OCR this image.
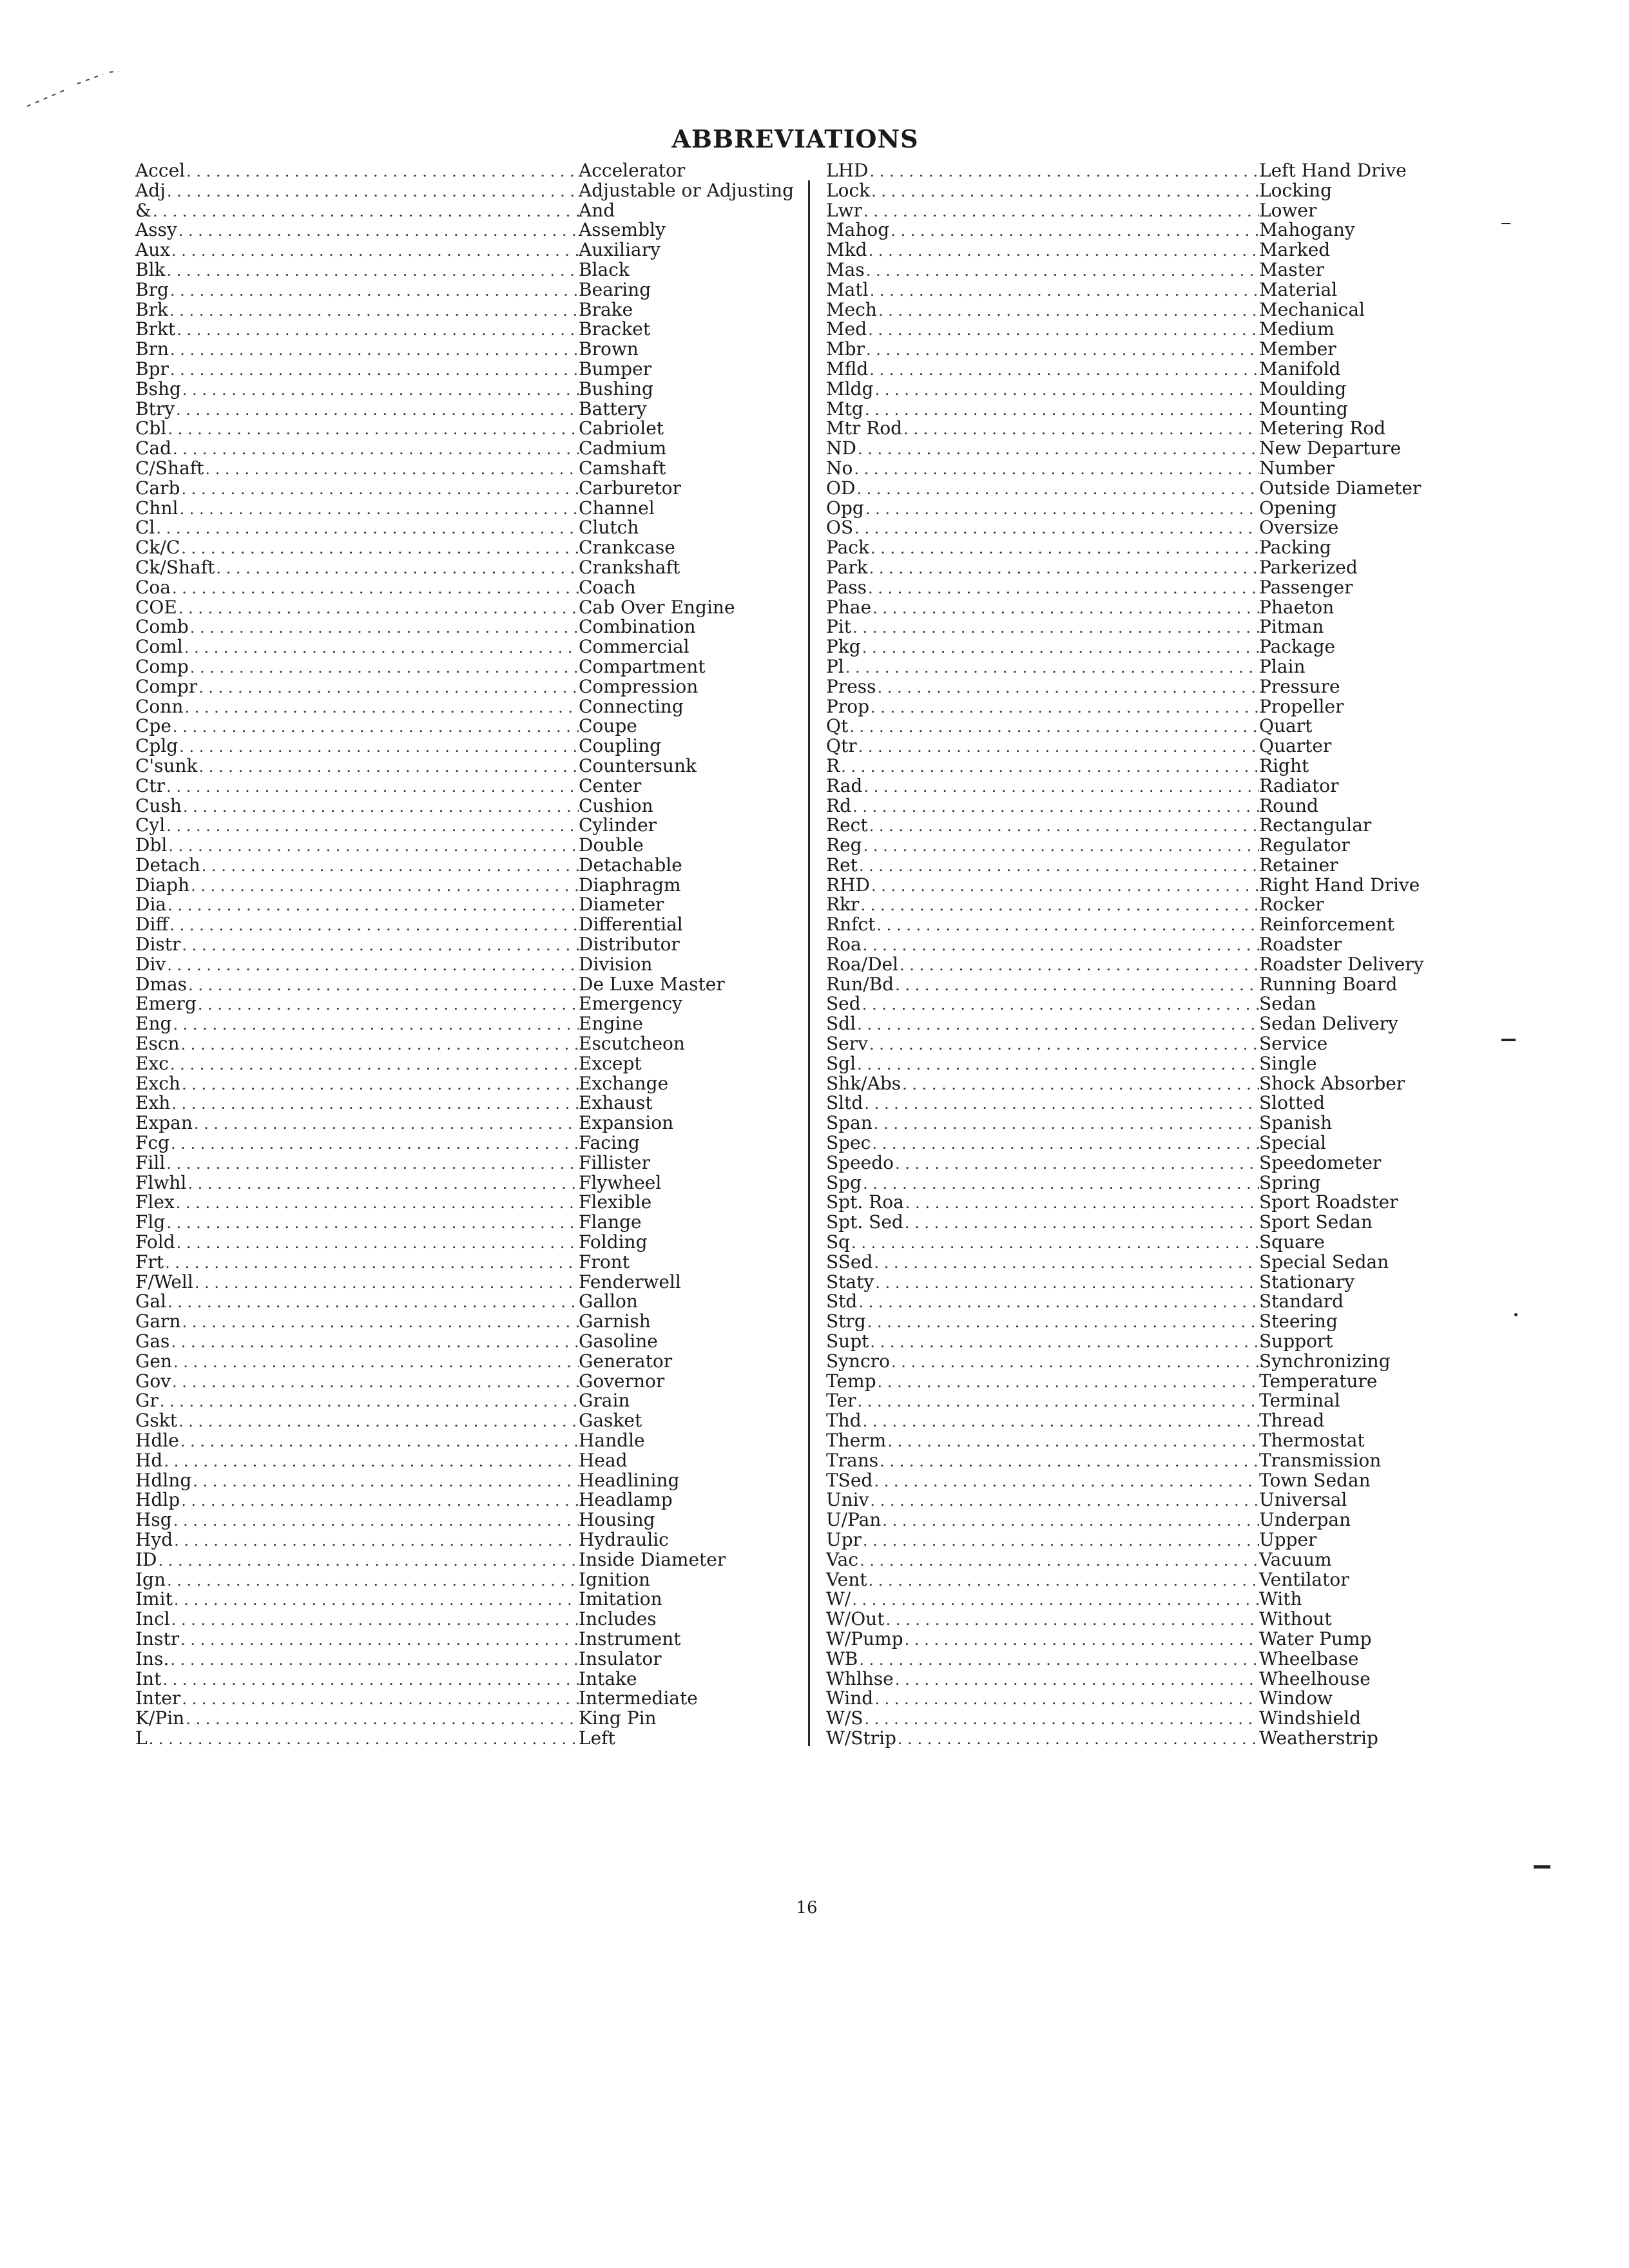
ABBREVIATIONS
Accel . . .	Accelerator
Adj . . .	Adjustable or Adjusting
& . . .	And
Assy . . .	Assembly
Aux . . .	Auxiliary
Blk . . .	Black
Brg . . .	Bearing
Brk . . .	Brake
Brkt . . .	Bracket
Brn . . .	Brown
Bpr . . .	Bumper
Bshg . . .	Bushing
Btry . . .	Battery
Cbl . . .	Cabriolet
Cad . . .	Cadmium
C/Shaft . . .	Camshaft
Carb . . .	Carburetor
Chnl . . .	Channel
Cl . . .	Clutch
Ck/C . . .	Crankcase
Ck/Shaft . . .	Crankshaft
Coa . . .	Coach
COE . . .	Cab Over Engine
Comb . . .	Combination
Coml . . .	Commercial
Comp . . .	Compartment
Compr . . .	Compression
Conn . . .	Connecting
Cpe . . .	Coupe
Cplg . . .	Coupling
C'sunk . . .	Countersunk
Ctr . . .	Center
Cush . . .	Cushion
Cyl . . .	Cylinder
Dbl . . .	Double
Detach . . .	Detachable
Diaph . . .	Diaphragm
Dia . . .	Diameter
Diff . . .	Differential
Distr . . .	Distributor
Div . . .	Division
Dmas . . .	De Luxe Master
Emerg . . .	Emergency
Eng . . .	Engine
Escn . . .	Escutcheon
Exc . . .	Except
Exch . . .	Exchange
Exh . . .	Exhaust
Expan . . .	Expansion
Fcg . . .	Facing
Fill . . .	Fillister
Flwhl . . .	Flywheel
Flex . . .	Flexible
Flg . . .	Flange
Fold . . .	Folding
Frt . . .	Front
F/Well . . .	Fenderwell
Gal . . .	Gallon
Garn . . .	Garnish
Gas . . .	Gasoline
Gen . . .	Generator
Gov . . .	Governor
Gr . . .	Grain
Gskt . . .	Gasket
Hdle . . .	Handle
Hd . . .	Head
Hdlng . . .	Headlining
Hdlp . . .	Headlamp
Hsg . . .	Housing
Hyd . . .	Hydraulic
ID . . .	Inside Diameter
Ign . . .	Ignition
Imit . . .	Imitation
Incl . . .	Includes
Instr . . .	Instrument
Ins. . . .	Insulator
Int . . .	Intake
Inter . . .	Intermediate
K/Pin . . .	King Pin
L . . .	Left
LHD . . .	Left Hand Drive
Lock . . .	Locking
Lwr . . .	Lower
Mahog . . .	Mahogany
Mkd . . .	Marked
Mas . . .	Master
Matl . . .	Material
Mech . . .	Mechanical
Med . . .	Medium
Mbr . . .	Member
Mfld . . .	Manifold
Mldg . . .	Moulding
Mtg . . .	Mounting
Mtr Rod . . .	Metering Rod
ND . . .	New Departure
No . . .	Number
OD . . .	Outside Diameter
Opg . . .	Opening
OS . . .	Oversize
Pack . . .	Packing
Park . . .	Parkerized
Pass . . .	Passenger
Phae . . .	Phaeton
Pit . . .	Pitman
Pkg . . .	Package
Pl . . .	Plain
Press . . .	Pressure
Prop . . .	Propeller
Qt . . .	Quart
Qtr . . .	Quarter
R . . .	Right
Rad . . .	Radiator
Rd . . .	Round
Rect . . .	Rectangular
Reg . . .	Regulator
Ret . . .	Retainer
RHD . . .	Right Hand Drive
Rkr . . .	Rocker
Rnfct . . .	Reinforcement
Roa . . .	Roadster
Roa/Del . . .	Roadster Delivery
Run/Bd . . .	Running Board
Sed . . .	Sedan
Sdl . . .	Sedan Delivery
Serv . . .	Service
Sgl . . .	Single
Shk/Abs . . .	Shock Absorber
Sltd . . .	Slotted
Span . . .	Spanish
Spec . . .	Special
Speedo . . .	Speedometer
Spg . . .	Spring
Spt. Roa . . .	Sport Roadster
Spt. Sed . . .	Sport Sedan
Sq . . .	Square
SSed . . .	Special Sedan
Staty . . .	Stationary
Std . . .	Standard
Strg . . .	Steering
Supt . . .	Support
Syncro . . .	Synchronizing
Temp . . .	Temperature
Ter . . .	Terminal
Thd . . .	Thread
Therm . . .	Thermostat
Trans . . .	Transmission
TSed . . .	Town Sedan
Univ . . .	Universal
U/Pan . . .	Underpan
Upr . . .	Upper
Vac . . .	Vacuum
Vent . . .	Ventilator
W/ . . .	With
W/Out . . .	Without
W/Pump . . .	Water Pump
WB . . .	Wheelbase
Whlhse . . .	Wheelhouse
Wind . . .	Window
W/S . . .	Windshield
W/Strip . . .	Weatherstrip
16
